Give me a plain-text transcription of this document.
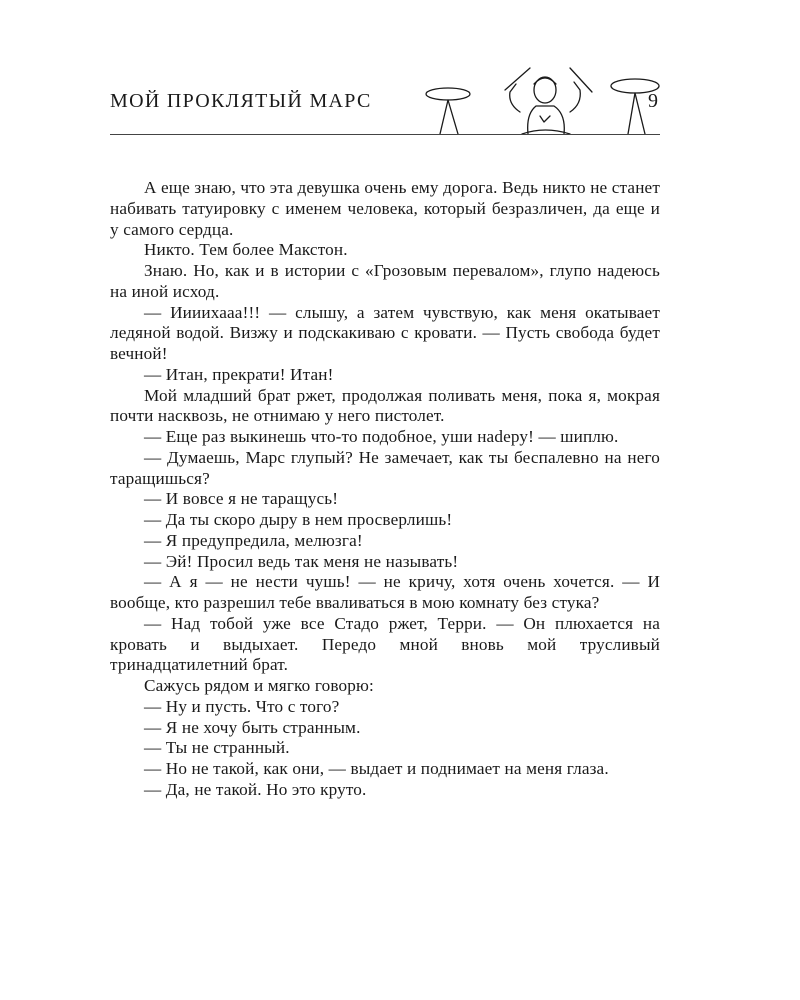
МОЙ ПРОКЛЯТЫЙ МАРС	9

А еще знаю, что эта девушка очень ему дорога. Ведь никто не станет набивать татуировку с именем человека, который безразличен, да еще и у самого сердца.

Никто. Тем более Макстон.

Знаю. Но, как и в истории с «Грозовым перевалом», глупо надеюсь на иной исход.

— Иииихааа!!! — слышу, а затем чувствую, как меня окатывает ледяной водой. Визжу и подскакиваю с кровати. — Пусть свобода будет вечной!

— Итан, прекрати! Итан!

Мой младший брат ржет, продолжая поливать меня, пока я, мокрая почти насквозь, не отнимаю у него пистолет.

— Еще раз выкинешь что-то подобное, уши нadeру! — шиплю.

— Думаешь, Марс глупый? Не замечает, как ты беспалевно на него таращишься?

— И вовсе я не таращусь!

— Да ты скоро дыру в нем просверлишь!

— Я предупредила, мелюзга!

— Эй! Просил ведь так меня не называть!

— А я — не нести чушь! — не кричу, хотя очень хочется. — И вообще, кто разрешил тебе вваливаться в мою комнату без стука?

— Над тобой уже все Стадо ржет, Терри. — Он плюхается на кровать и выдыхает. Передо мной вновь мой трусливый тринадцатилетний брат.

Сажусь рядом и мягко говорю:

— Ну и пусть. Что с того?

— Я не хочу быть странным.

— Ты не странный.

— Но не такой, как они, — выдает и поднимает на меня глаза.

— Да, не такой. Но это круто.
